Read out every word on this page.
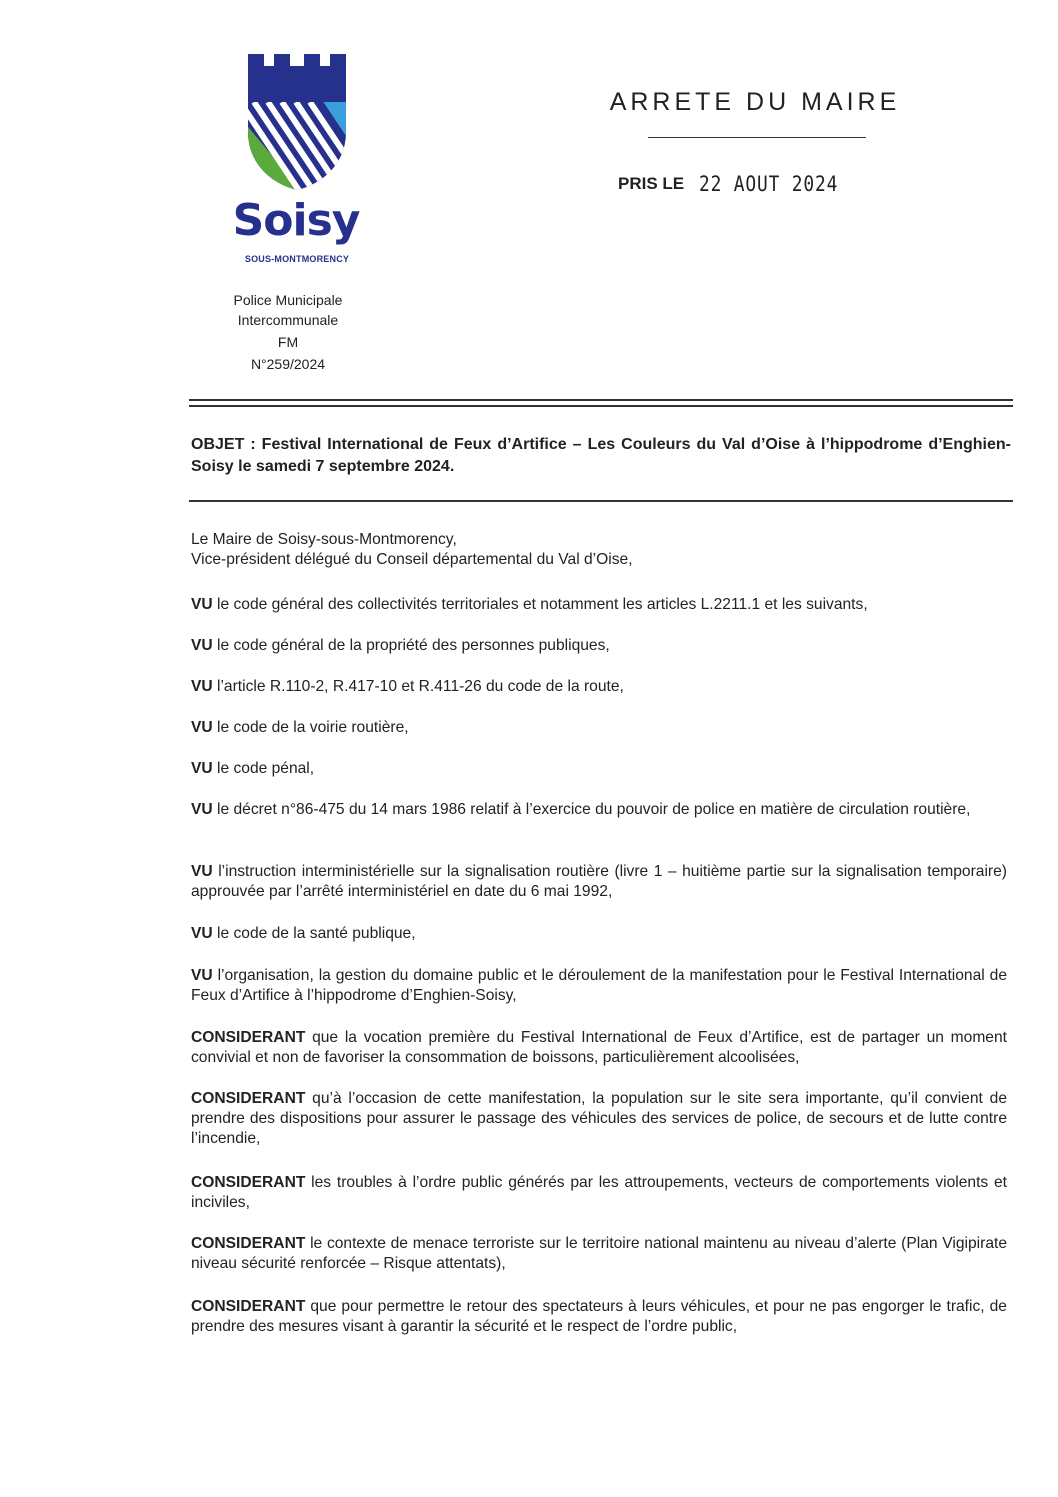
Soisy
SOUS-MONTMORENCY
Police Municipale
Intercommunale
FM
N°259/2024
ARRETE DU MAIRE
PRIS LE 22 AOUT 2024
OBJET : Festival International de Feux d’Artifice – Les Couleurs du Val d’Oise à l’hippodrome d’Enghien-Soisy le samedi 7 septembre 2024.
Le Maire de Soisy-sous-Montmorency,
Vice-président délégué du Conseil départemental du Val d’Oise,
VU le code général des collectivités territoriales et notamment les articles L.2211.1 et les suivants,
VU le code général de la propriété des personnes publiques,
VU l’article R.110-2, R.417-10 et R.411-26 du code de la route,
VU le code de la voirie routière,
VU le code pénal,
VU le décret n°86-475 du 14 mars 1986 relatif à l’exercice du pouvoir de police en matière de circulation routière,
VU l’instruction interministérielle sur la signalisation routière (livre 1 – huitième partie sur la signalisation temporaire) approuvée par l’arrêté interministériel en date du 6 mai 1992,
VU le code de la santé publique,
VU l’organisation, la gestion du domaine public et le déroulement de la manifestation pour le Festival International de Feux d’Artifice à l’hippodrome d’Enghien-Soisy,
CONSIDERANT que la vocation première du Festival International de Feux d’Artifice, est de partager un moment convivial et non de favoriser la consommation de boissons, particulièrement alcoolisées,
CONSIDERANT qu’à l’occasion de cette manifestation, la population sur le site sera importante, qu’il convient de prendre des dispositions pour assurer le passage des véhicules des services de police, de secours et de lutte contre l’incendie,
CONSIDERANT les troubles à l’ordre public générés par les attroupements, vecteurs de comportements violents et inciviles,
CONSIDERANT le contexte de menace terroriste sur le territoire national maintenu au niveau d’alerte (Plan Vigipirate niveau sécurité renforcée – Risque attentats),
CONSIDERANT que pour permettre le retour des spectateurs à leurs véhicules, et pour ne pas engorger le trafic, de prendre des mesures visant à garantir la sécurité et le respect de l’ordre public,
